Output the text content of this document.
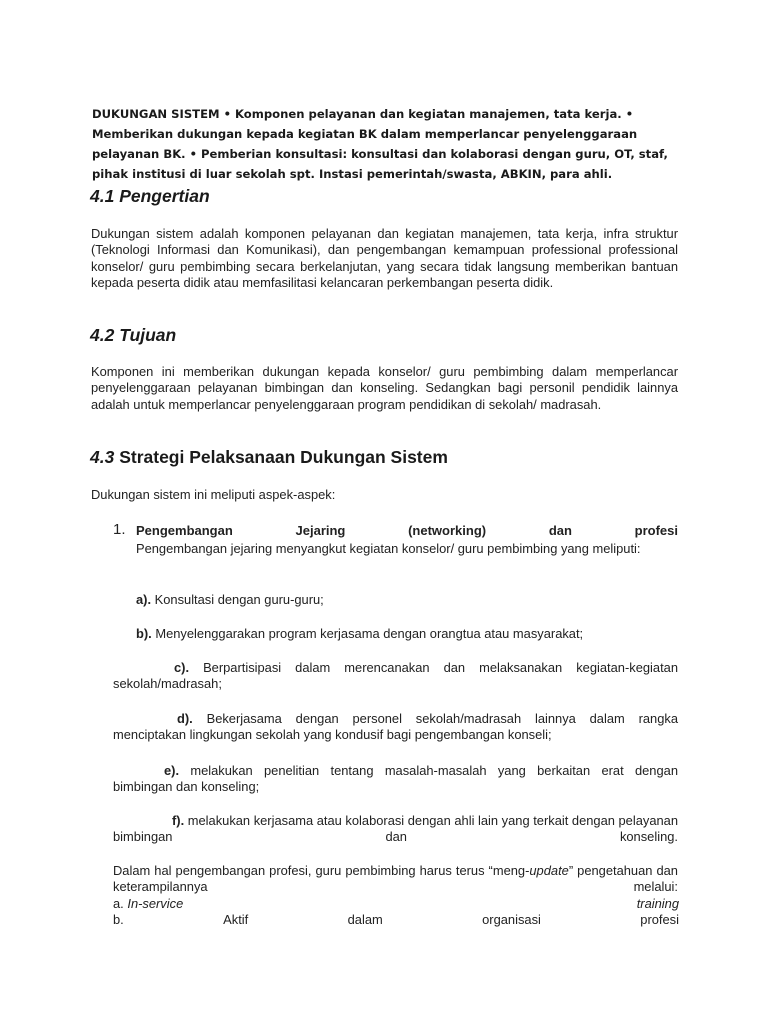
DUKUNGAN SISTEM • Komponen pelayanan dan kegiatan manajemen, tata kerja. • Memberikan dukungan kepada kegiatan BK dalam memperlancar penyelenggaraan pelayanan BK. • Pemberian konsultasi: konsultasi dan kolaborasi dengan guru, OT, staf, pihak institusi di luar sekolah spt. Instasi pemerintah/swasta, ABKIN, para ahli.

4.1 Pengertian

Dukungan sistem adalah komponen pelayanan dan kegiatan manajemen, tata kerja, infra struktur (Teknologi Informasi dan Komunikasi), dan pengembangan kemampuan professional professional konselor/ guru pembimbing secara berkelanjutan, yang secara tidak langsung memberikan bantuan kepada peserta didik atau memfasilitasi kelancaran perkembangan peserta didik.

4.2 Tujuan

Komponen ini memberikan dukungan kepada konselor/ guru pembimbing dalam memperlancar penyelenggaraan pelayanan bimbingan dan konseling. Sedangkan bagi personil pendidik lainnya adalah untuk memperlancar penyelenggaraan program pendidikan di sekolah/ madrasah.

4.3 Strategi Pelaksanaan Dukungan Sistem

Dukungan sistem ini meliputi aspek-aspek:

1. Pengembangan	Jejaring	(networking)	dan	profesi

Pengembangan jejaring menyangkut kegiatan konselor/ guru pembimbing yang meliputi:

a). Konsultasi dengan guru-guru;

b). Menyelenggarakan program kerjasama dengan orangtua atau masyarakat;

c). Berpartisipasi dalam merencanakan dan melaksanakan kegiatan-kegiatan sekolah/madrasah;

d). Bekerjasama dengan personel sekolah/madrasah lainnya dalam rangka menciptakan lingkungan sekolah yang kondusif bagi pengembangan konseli;

e). melakukan penelitian tentang masalah-masalah yang berkaitan erat dengan bimbingan dan konseling;

f). melakukan kerjasama atau kolaborasi dengan ahli lain yang terkait dengan pelayanan bimbingan dan konseling.

Dalam hal pengembangan profesi, guru pembimbing harus terus “meng-update” pengetahuan dan keterampilannya melalui:

a. In-service	training
b.	Aktif	dalam	organisasi	profesi
